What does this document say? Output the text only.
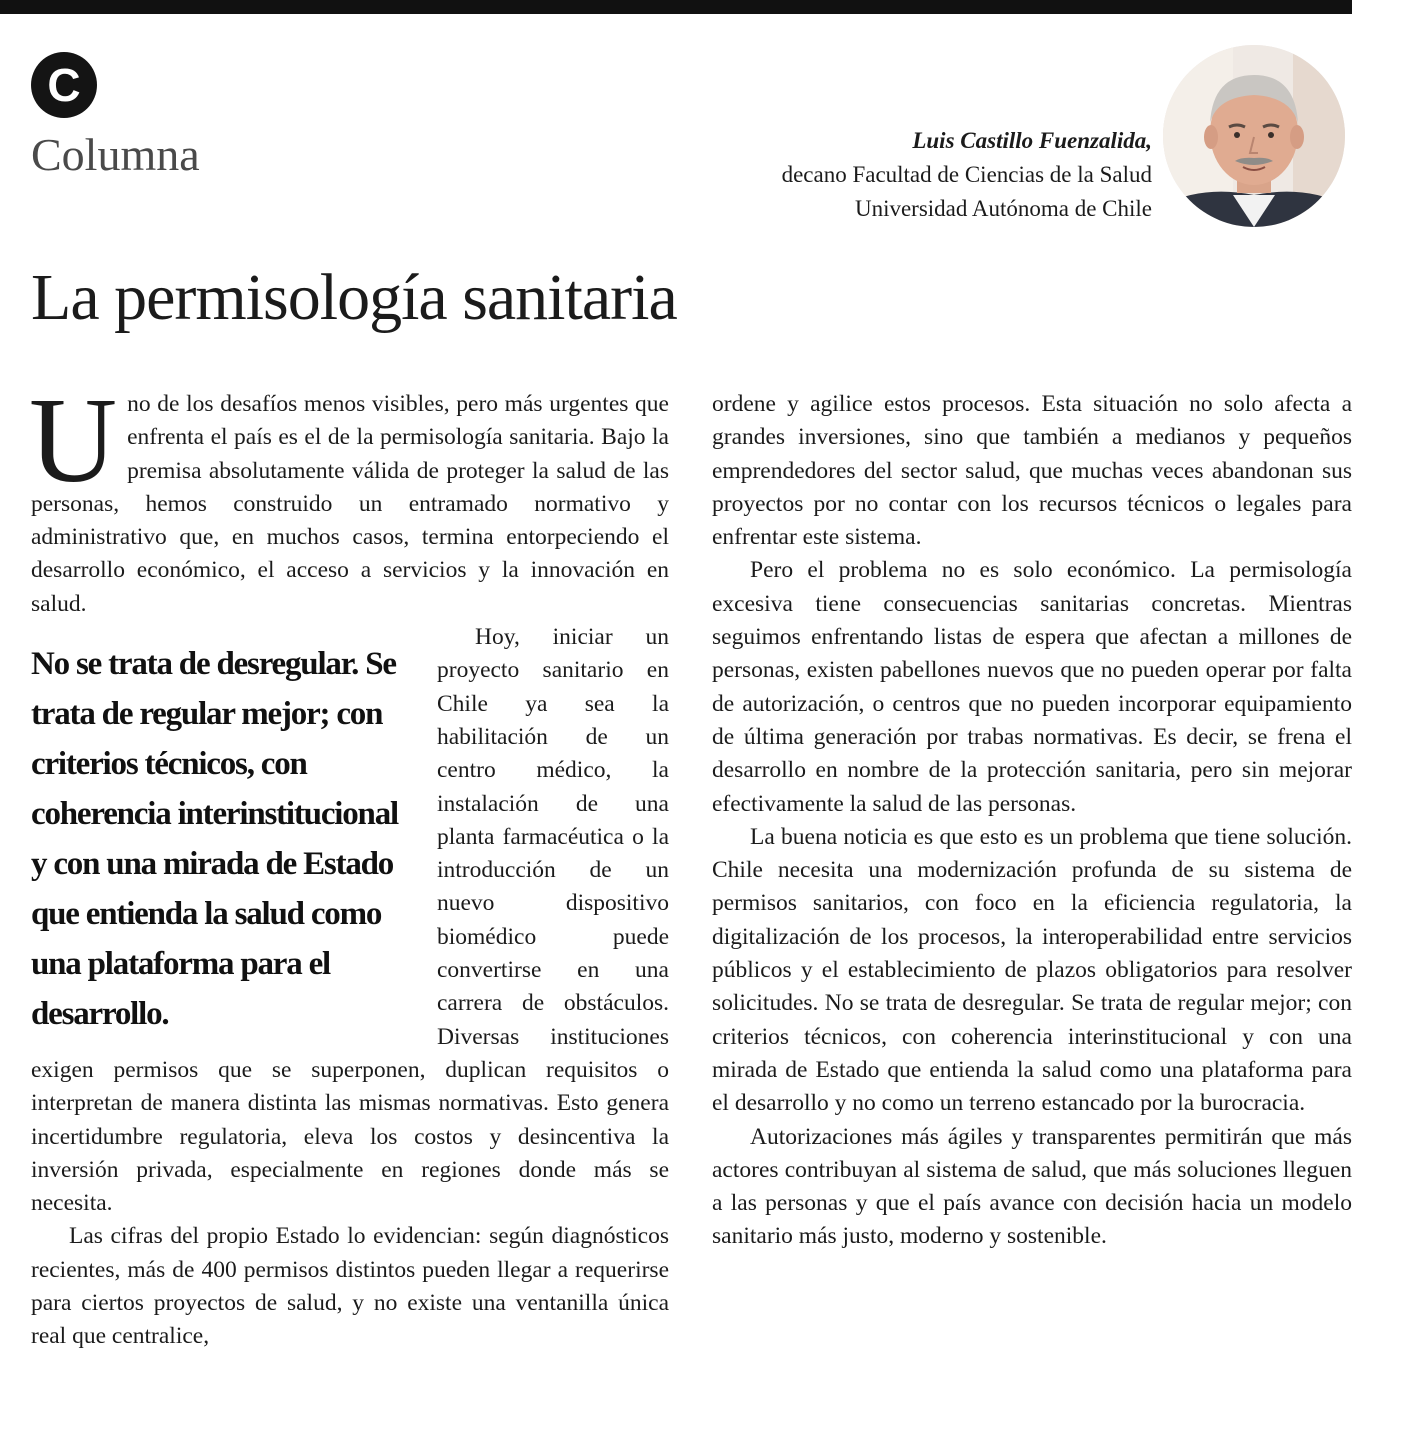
C
Columna	Luis Castillo Fuenzalida,
decano Facultad de Ciencias de la Salud
Universidad Autónoma de Chile
La permisología sanitaria

Uno de los desafíos menos visibles, pero más urgentes que enfrenta el país es el de la permisología sanitaria. Bajo la premisa absolutamente válida de proteger la salud de las personas, hemos construido un entramado normativo y administrativo que, en muchos casos, termina entorpeciendo el desarrollo económico, el acceso a servicios y la innovación en salud.

No se trata de desregular. Se trata de regular mejor; con criterios técnicos, con coherencia interinstitucional y con una mirada de Estado que entienda la salud como una plataforma para el desarrollo.
Hoy, iniciar un proyecto sanitario en Chile ya sea la habilitación de un centro médico, la instalación de una planta farmacéutica o la introducción de un nuevo dispositivo biomédico puede convertirse en una carrera de obstáculos. Diversas instituciones exigen permisos que se superponen, duplican requisitos o interpretan de manera distinta las mismas normativas. Esto genera incertidumbre regulatoria, eleva los costos y desincentiva la inversión privada, especialmente en regiones donde más se necesita.

Las cifras del propio Estado lo evidencian: según diagnósticos recientes, más de 400 permisos distintos pueden llegar a requerirse para ciertos proyectos de salud, y no existe una ventanilla única real que centralice,

ordene y agilice estos procesos. Esta situación no solo afecta a grandes inversiones, sino que también a medianos y pequeños emprendedores del sector salud, que muchas veces abandonan sus proyectos por no contar con los recursos técnicos o legales para enfrentar este sistema.

Pero el problema no es solo económico. La permisología excesiva tiene consecuencias sanitarias concretas. Mientras seguimos enfrentando listas de espera que afectan a millones de personas, existen pabellones nuevos que no pueden operar por falta de autorización, o centros que no pueden incorporar equipamiento de última generación por trabas normativas. Es decir, se frena el desarrollo en nombre de la protección sanitaria, pero sin mejorar efectivamente la salud de las personas.

La buena noticia es que esto es un problema que tiene solución. Chile necesita una modernización profunda de su sistema de permisos sanitarios, con foco en la eficiencia regulatoria, la digitalización de los procesos, la interoperabilidad entre servicios públicos y el establecimiento de plazos obligatorios para resolver solicitudes. No se trata de desregular. Se trata de regular mejor; con criterios técnicos, con coherencia interinstitucional y con una mirada de Estado que entienda la salud como una plataforma para el desarrollo y no como un terreno estancado por la burocracia.

Autorizaciones más ágiles y transparentes permitirán que más actores contribuyan al sistema de salud, que más soluciones lleguen a las personas y que el país avance con decisión hacia un modelo sanitario más justo, moderno y sostenible.
